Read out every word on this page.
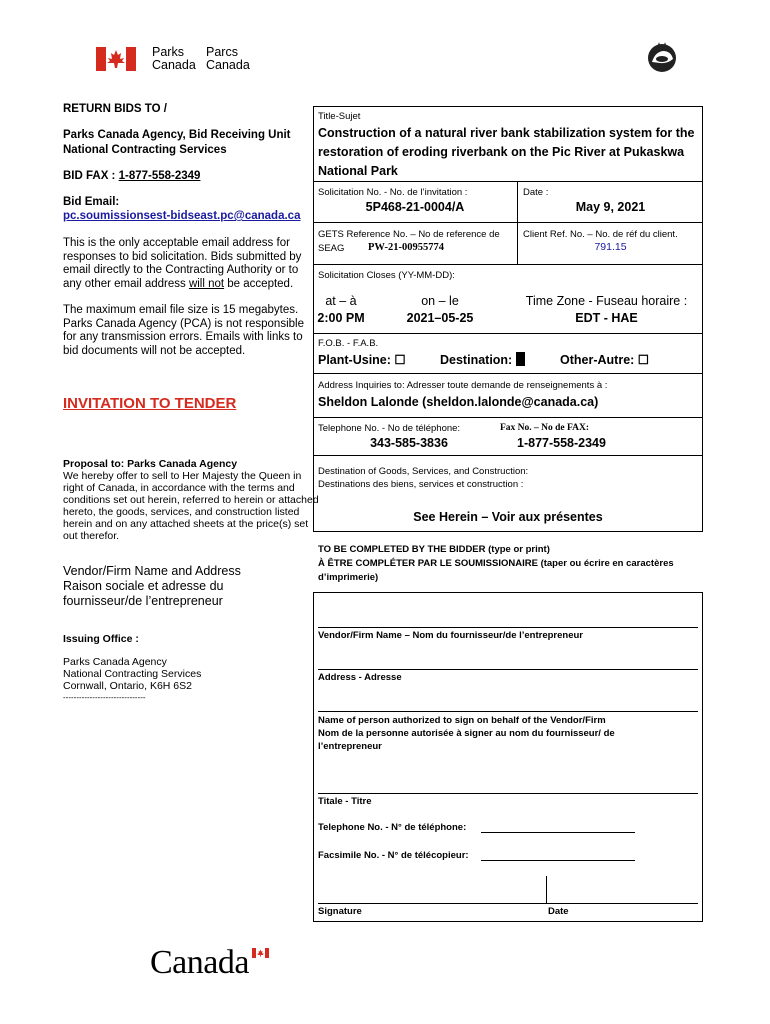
Parks
Canada
Parcs
Canada
RETURN BIDS TO /
Parks Canada Agency, Bid Receiving Unit
National Contracting Services
BID FAX : 1-877-558-2349
Bid Email:
pc.soumissionsest-bidseast.pc@canada.ca
This is the only acceptable email address for
responses to bid solicitation. Bids submitted by
email directly to the Contracting Authority or to
any other email address will not be accepted.
The maximum email file size is 15 megabytes.
Parks Canada Agency (PCA) is not responsible
for any transmission errors. Emails with links to
bid documents will not be accepted.
INVITATION TO TENDER
Proposal to: Parks Canada Agency
We hereby offer to sell to Her Majesty the Queen in
right of Canada, in accordance with the terms and
conditions set out herein, referred to herein or attached
hereto, the goods, services, and construction listed
herein and on any attached sheets at the price(s) set
out therefor.
Vendor/Firm Name and Address
Raison sociale et adresse du
fournisseur/de l’entrepreneur
Issuing Office :
Parks Canada Agency
National Contracting Services
Cornwall, Ontario, K6H 6S2
-------------------------------
Title-Sujet
Construction of a natural river bank stabilization system for the
restoration of eroding riverbank on the Pic River at Pukaskwa
National Park
Solicitation No. - No. de l’invitation :
5P468-21-0004/A
Date :
May 9, 2021
GETS Reference No. – No de reference de
SEAG PW-21-00955774
Client Ref. No. – No. de réf du client.
791.15
Solicitation Closes (YY-MM-DD):
at – à
2:00 PM
on – le
2021–05-25
Time Zone - Fuseau horaire :
EDT - HAE
F.O.B. - F.A.B.
Plant-Usine: ☐	Destination:	Other-Autre: ☐
Address Inquiries to: Adresser toute demande de renseignements à :
Sheldon Lalonde (sheldon.lalonde@canada.ca)
Telephone No. - No de téléphone:
343-585-3836
Fax No. – No de FAX:
1-877-558-2349
Destination of Goods, Services, and Construction:
Destinations des biens, services et construction :
See Herein – Voir aux présentes
TO BE COMPLETED BY THE BIDDER (type or print)
À ÊTRE COMPLÉTER PAR LE SOUMISSIONAIRE (taper ou écrire en caractères
d’imprimerie)
Vendor/Firm Name – Nom du fournisseur/de l’entrepreneur
Address - Adresse
Name of person authorized to sign on behalf of the Vendor/Firm
Nom de la personne autorisée à signer au nom du fournisseur/ de
l’entrepreneur
Titale - Titre
Telephone No. - N° de téléphone:
Facsimile No. - N° de télécopieur:
Signature	Date
Canada
